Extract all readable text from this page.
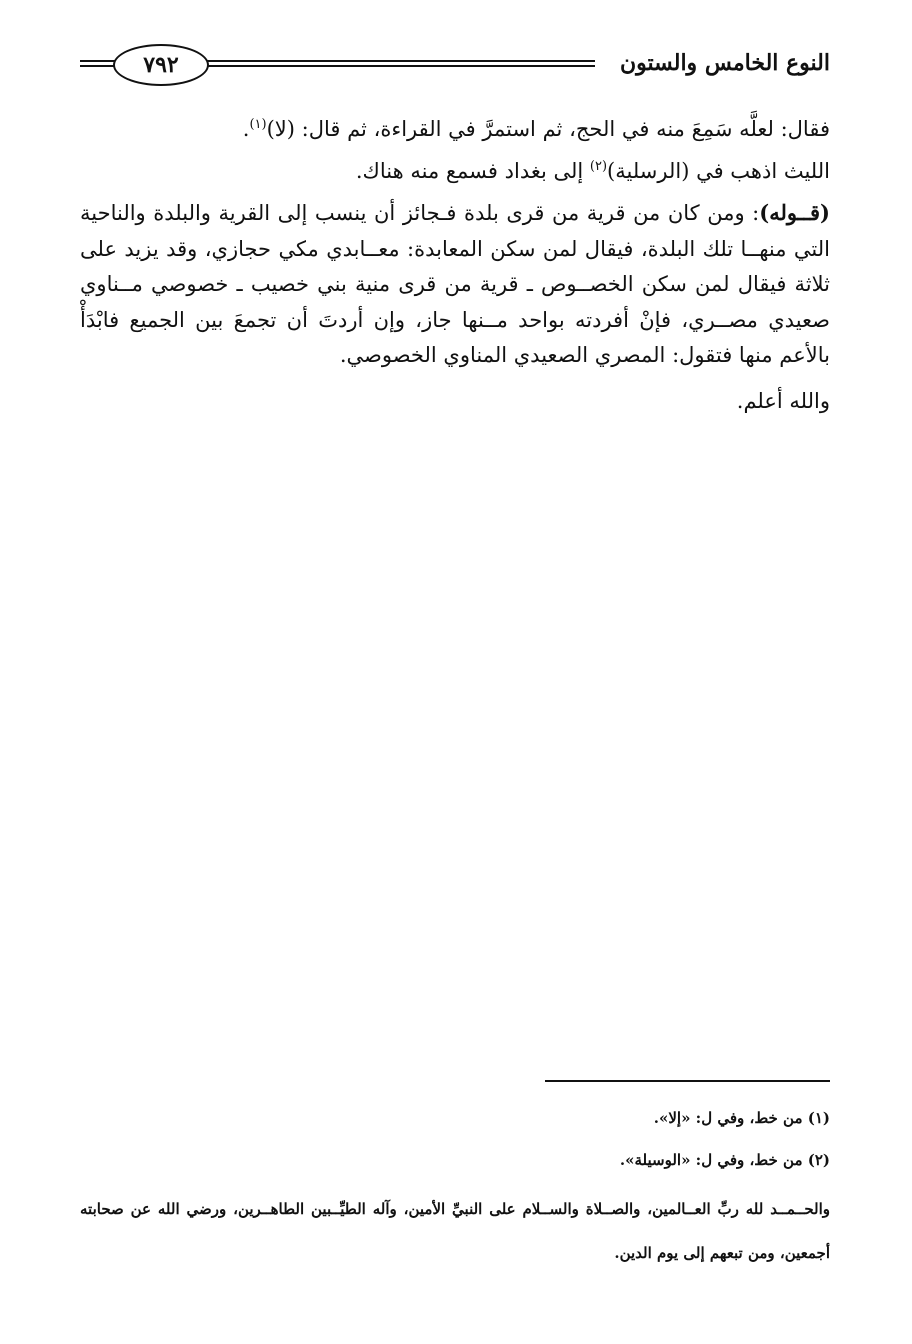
النوع الخامس والستون
٧٩٢

فقال: لعلَّه سَمِعَ منه في الحج، ثم استمرَّ في القراءة، ثم قال: (لا)$^{(١)}$.

الليث اذهب في (الرسلية)$^{(٢)}$ إلى بغداد فسمع منه هناك.

(قــوله): ومن كان من قرية من قرى بلدة فـجائز أن ينسب إلى القرية والبلدة والناحية التي منهــا تلك البلدة، فيقال لمن سكن المعابدة: معــابدي مكي حجازي، وقد يزيد على ثلاثة فيقال لمن سكن الخصــوص ـ قرية من قرى منية بني خصيب ـ خصوصي مــناوي صعيدي مصــري، فإنْ أفردته بواحد مــنها جاز، وإن أردتَ أن تجمعَ بين الجميع فابْدَأْ بالأعم منها فتقول: المصري الصعيدي المناوي الخصوصي.

والله أعلم.

(١) من خط، وفي ل: «إلا».

(٢) من خط، وفي ل: «الوسيلة».

والحــمــد لله ربِّ العــالمين، والصــلاة والســلام على النبيِّ الأمين، وآله الطيِّــبين الطاهــرين، ورضي الله عن صحابته أجمعين، ومن تبعهم إلى يوم الدين.
